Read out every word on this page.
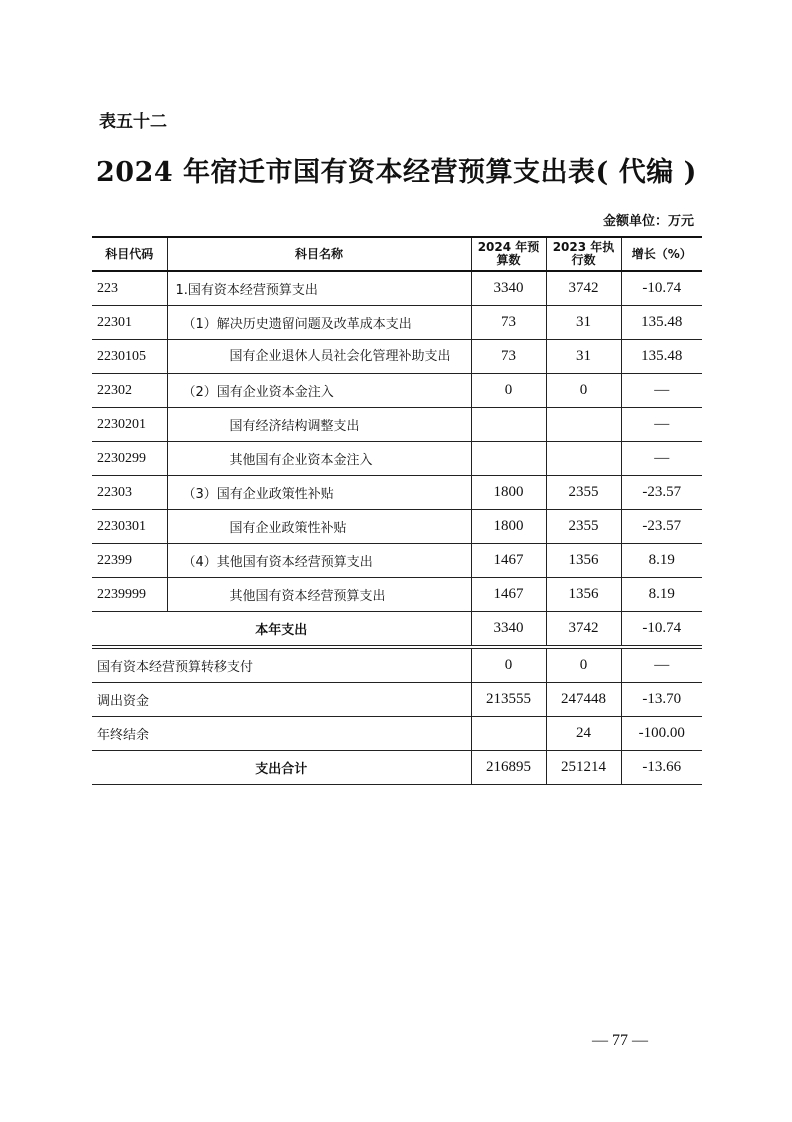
表五十二
2024 年宿迁市国有资本经营预算支出表( 代编 )
金额单位：万元
科目代码	科目名称	2024 年预算数	2023 年执行数	增长（%）
223	1.国有资本经营预算支出	3340	3742	-10.74
22301	（1）解决历史遗留问题及改革成本支出	73	31	135.48
2230105	国有企业退休人员社会化管理补助支出	73	31	135.48
22302	（2）国有企业资本金注入	0	0	—
2230201	国有经济结构调整支出			—
2230299	其他国有企业资本金注入			—
22303	（3）国有企业政策性补贴	1800	2355	-23.57
2230301	国有企业政策性补贴	1800	2355	-23.57
22399	（4）其他国有资本经营预算支出	1467	1356	8.19
2239999	其他国有资本经营预算支出	1467	1356	8.19
本年支出		3340	3742	-10.74
国有资本经营预算转移支付		0	0	—
调出资金		213555	247448	-13.70
年终结余			24	-100.00
支出合计		216895	251214	-13.66
— 77 —
